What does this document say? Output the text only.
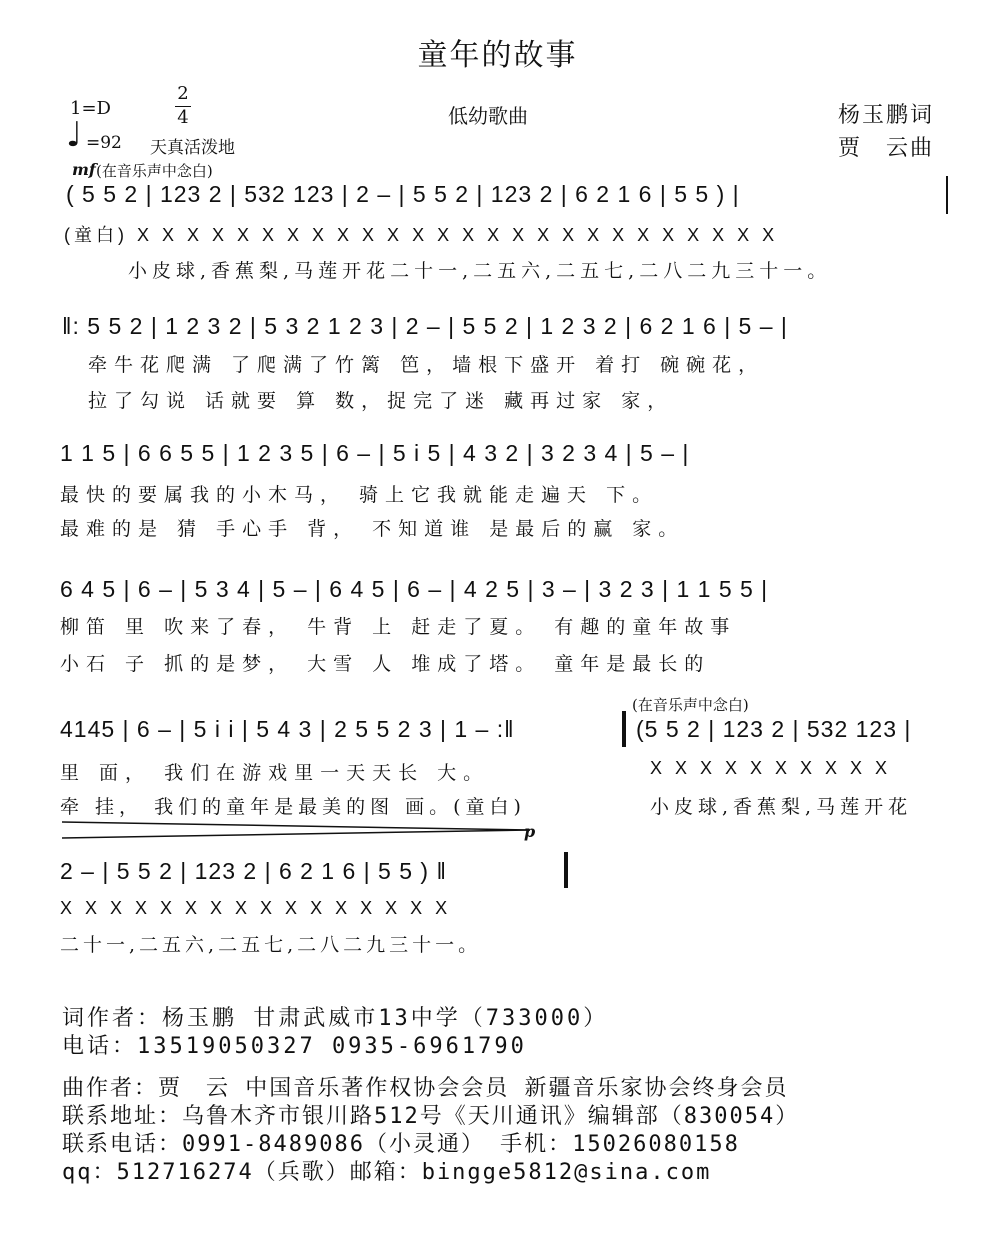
童年的故事
1=D
2
4
♩ =92 天真活泼地
低幼歌曲	杨玉鹏词
贾　云曲
mf (在音乐声中念白)
( 5 5 2 | 123 2 | 532 123 | 2 – | 5 5 2 | 123 2 | 6 2 1 6 | 5 5 ) |
(童白) X X X X X X X X X X X X X X X X X X X X X X X X X X
小皮球,香蕉梨,马莲开花二十一,二五六,二五七,二八二九三十一。
‖: 5 5 2 | 1 2 3 2 | 5 3 2 1 2 3 | 2 – | 5 5 2 | 1 2 3 2 | 6 2 1 6 | 5 – |
牵牛花爬满 了爬满了竹篱 笆，墙根下盛开 着打 碗碗花，
拉了勾说 话就要 算 数，捉完了迷 藏再过家 家，
1 1 5 | 6 6 5 5 | 1 2 3 5 | 6 – | 5 i 5 | 4 3 2 | 3 2 3 4 | 5 – |
最快的要属我的小木马， 骑上它我就能走遍天 下。
最难的是 猜 手心手 背， 不知道谁 是最后的赢 家。
6 4 5 | 6 – | 5 3 4 | 5 – | 6 4 5 | 6 – | 4 2 5 | 3 – | 3 2 3 | 1 1 5 5 |
柳笛 里 吹来了春， 牛背 上 赶走了夏。 有趣的童年故事
小石 子 抓的是梦， 大雪 人 堆成了塔。 童年是最长的
(在音乐声中念白)
4145 | 6 – | 5 i i | 5 4 3 | 2 5 5 2 3 | 1 – :‖	(5 5 2 | 123 2 | 532 123 |
里 面， 我们在游戏里一天天长 大。	X X X X X X X X X X
牵 挂， 我们的童年是最美的图 画。(童白)	小皮球,香蕉梨,马莲开花
p
2 – | 5 5 2 | 123 2 | 6 2 1 6 | 5 5 ) ‖
X X X X X X X X X X X X X X X X
二十一,二五六,二五七,二八二九三十一。
词作者：杨玉鹏 甘肃武威市13中学（733000）
电话：13519050327 0935-6961790
曲作者：贾　云 中国音乐著作权协会会员 新疆音乐家协会终身会员
联系地址：乌鲁木齐市银川路512号《天川通讯》编辑部（830054）
联系电话：0991-8489086（小灵通） 手机：15026080158
qq：512716274（兵歌）邮箱：bingge5812@sina.com
